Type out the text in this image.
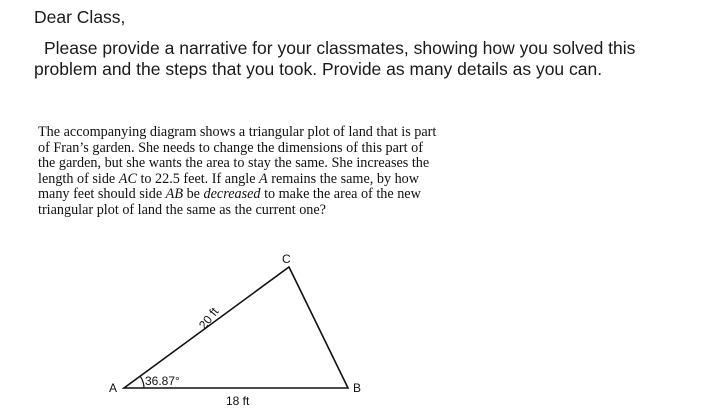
Dear Class,
Please provide a narrative for your classmates, showing how you solved this
problem and the steps that you took. Provide as many details as you can.
The accompanying diagram shows a triangular plot of land that is part
of Fran’s garden. She needs to change the dimensions of this part of
the garden, but she wants the area to stay the same. She increases the
length of side AC to 22.5 feet. If angle A remains the same, by how
many feet should side AB be decreased to make the area of the new
triangular plot of land the same as the current one?
A	B
C
36.87°
18 ft
20 ft
